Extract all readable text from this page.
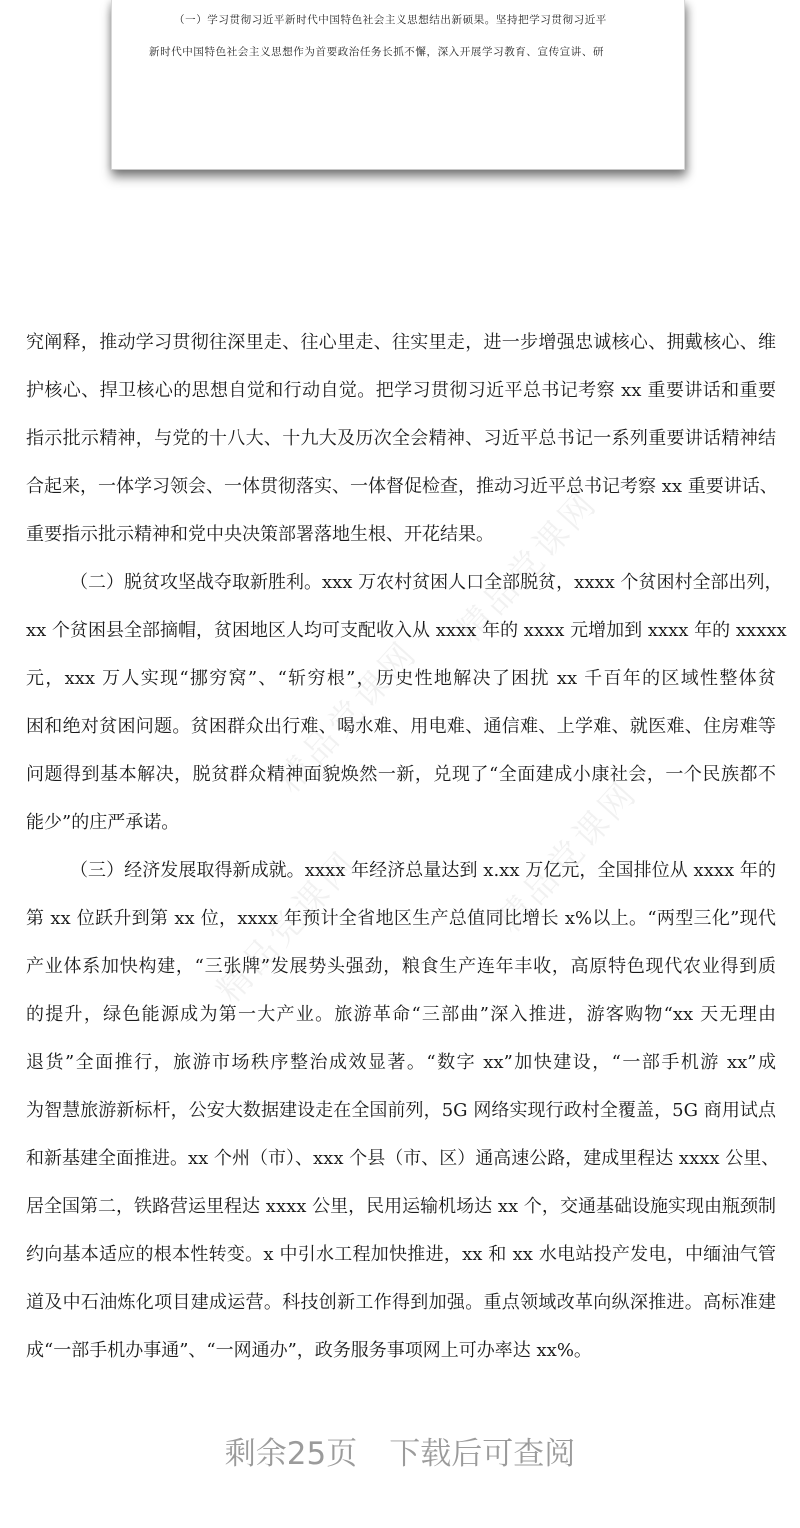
（一）学习贯彻习近平新时代中国特色社会主义思想结出新硕果。坚持把学习贯彻习近平
新时代中国特色社会主义思想作为首要政治任务长抓不懈，深入开展学习教育、宣传宣讲、研
精品党课网
精品党课网
精品党课网
精品党课网
究阐释，推动学习贯彻往深里走、往心里走、往实里走，进一步增强忠诚核心、拥戴核心、维
护核心、捍卫核心的思想自觉和行动自觉。把学习贯彻习近平总书记考察 xx 重要讲话和重要
指示批示精神，与党的十八大、十九大及历次全会精神、习近平总书记一系列重要讲话精神结
合起来，一体学习领会、一体贯彻落实、一体督促检查，推动习近平总书记考察 xx 重要讲话、
重要指示批示精神和党中央决策部署落地生根、开花结果。
（二）脱贫攻坚战夺取新胜利。xxx 万农村贫困人口全部脱贫，xxxx 个贫困村全部出列，
xx 个贫困县全部摘帽，贫困地区人均可支配收入从 xxxx 年的 xxxx 元增加到 xxxx 年的 xxxxx
元，xxx 万人实现“挪穷窝”、“斩穷根”，历史性地解决了困扰 xx 千百年的区域性整体贫
困和绝对贫困问题。贫困群众出行难、喝水难、用电难、通信难、上学难、就医难、住房难等
问题得到基本解决，脱贫群众精神面貌焕然一新，兑现了“全面建成小康社会，一个民族都不
能少”的庄严承诺。
（三）经济发展取得新成就。xxxx 年经济总量达到 x.xx 万亿元，全国排位从 xxxx 年的
第 xx 位跃升到第 xx 位，xxxx 年预计全省地区生产总值同比增长 x%以上。“两型三化”现代
产业体系加快构建，“三张牌”发展势头强劲，粮食生产连年丰收，高原特色现代农业得到质
的提升，绿色能源成为第一大产业。旅游革命“三部曲”深入推进，游客购物“xx 天无理由
退货”全面推行，旅游市场秩序整治成效显著。“数字 xx”加快建设，“一部手机游 xx”成
为智慧旅游新标杆，公安大数据建设走在全国前列，5G 网络实现行政村全覆盖，5G 商用试点
和新基建全面推进。xx 个州（市）、xxx 个县（市、区）通高速公路，建成里程达 xxxx 公里、
居全国第二，铁路营运里程达 xxxx 公里，民用运输机场达 xx 个，交通基础设施实现由瓶颈制
约向基本适应的根本性转变。x 中引水工程加快推进，xx 和 xx 水电站投产发电，中缅油气管
道及中石油炼化项目建成运营。科技创新工作得到加强。重点领域改革向纵深推进。高标准建
成“一部手机办事通”、“一网通办”，政务服务事项网上可办率达 xx%。
剩余25页 下载后可查阅
